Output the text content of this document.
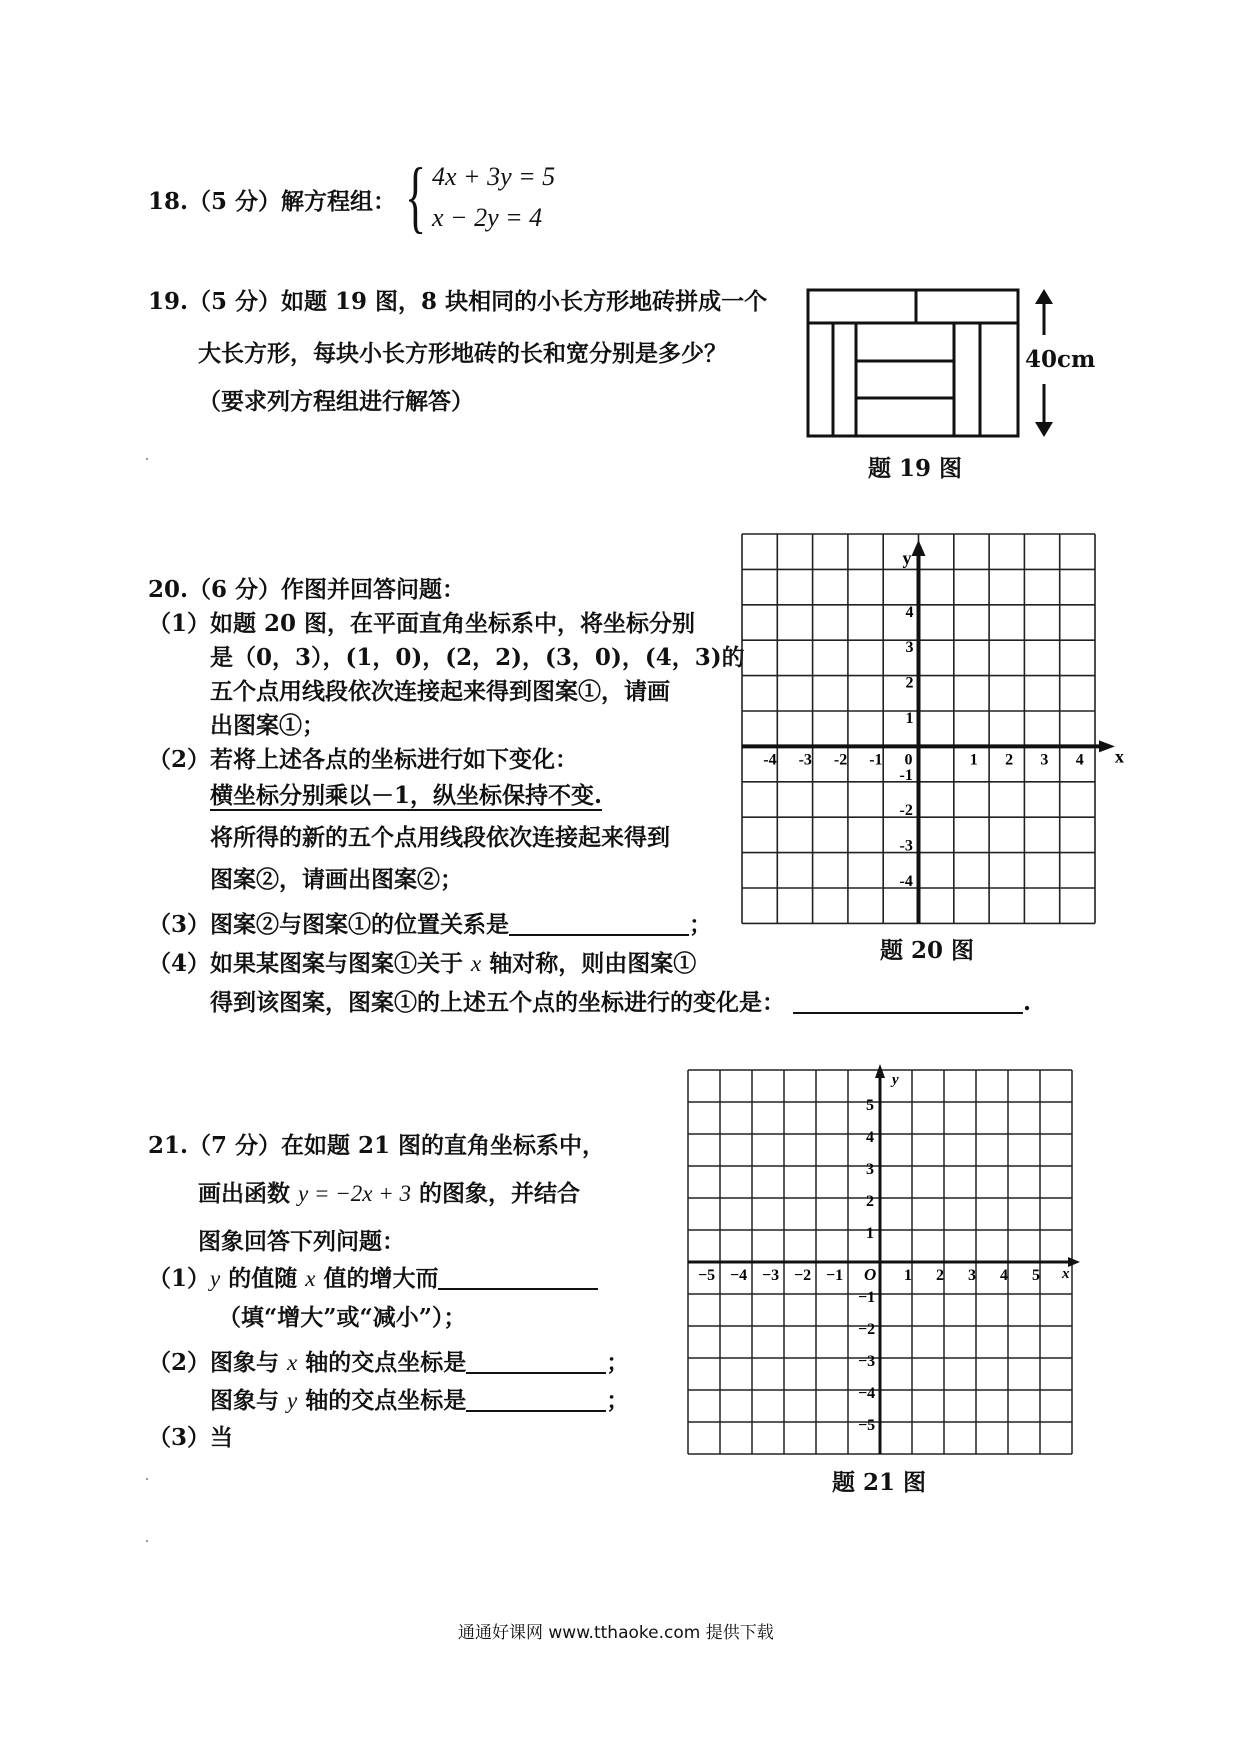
18.（5 分）解方程组： { 4x + 3y = 5
x − 2y = 4
19.（5 分）如题 19 图，8 块相同的小长方形地砖拼成一个
大长方形，每块小长方形地砖的长和宽分别是多少？
（要求列方程组进行解答）
40cm
题 19 图
20.（6 分）作图并回答问题：
（1）如题 20 图，在平面直角坐标系中，将坐标分别
是（0，3），(1，0)，(2，2)，(3，0)，(4，3)的
五个点用线段依次连接起来得到图案①，请画
出图案①；
（2）若将上述各点的坐标进行如下变化：
横坐标分别乘以－1，纵坐标保持不变.
将所得的新的五个点用线段依次连接起来得到
图案②，请画出图案②；
（3）图案②与图案①的位置关系是	；
（4）如果某图案与图案①关于 x 轴对称，则由图案①
得到该图案，图案①的上述五个点的坐标进行的变化是：	.
y
x
-4 -3 -2 -1 0	1 2 3 4
4
3
2
1
-1
-2
-3
-4
题 20 图
21.（7 分）在如题 21 图的直角坐标系中，
画出函数 y = −2x + 3 的图象，并结合
图象回答下列问题：
（1）y 的值随 x 值的增大而
（填“增大”或“减小”）；
（2）图象与 x 轴的交点坐标是	；
图象与 y 轴的交点坐标是	；
（3）当
y
x
O
−5 −4 −3 −2 −1	1 2 3 4 5
5
4
3
2
1
−1
−2
−3
−4
−5
题 21 图
通通好课网 www.tthaoke.com 提供下载
